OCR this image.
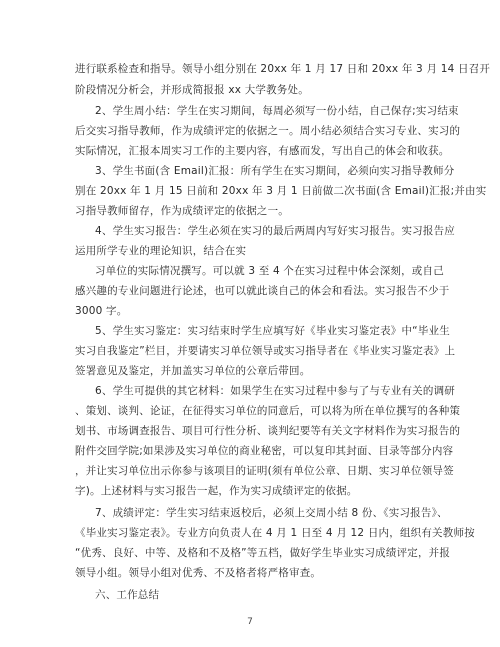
进行联系检查和指导。领导小组分别在 20xx 年 1 月 17 日和 20xx 年 3 月 14 日召开
阶段情况分析会，并形成简报报 xx 大学教务处。
2、学生周小结：学生在实习期间，每周必须写一份小结，自己保存;实习结束
后交实习指导教师，作为成绩评定的依据之一。周小结必须结合实习专业、实习的
实际情况，汇报本周实习工作的主要内容，有感而发，写出自己的体会和收获。
3、学生书面(含 Email)汇报：所有学生在实习期间，必须向实习指导教师分
别在 20xx 年 1 月 15 日前和 20xx 年 3 月 1 日前做二次书面(含 Email)汇报;并由实
习指导教师留存，作为成绩评定的依据之一。
4、学生实习报告：学生必须在实习的最后两周内写好实习报告。实习报告应
运用所学专业的理论知识，结合在实
习单位的实际情况撰写。可以就 3 至 4 个在实习过程中体会深刻，或自己
感兴趣的专业问题进行论述，也可以就此谈自己的体会和看法。实习报告不少于
3000 字。
5、学生实习鉴定：实习结束时学生应填写好《毕业实习鉴定表》中“毕业生
实习自我鉴定”栏目，并要请实习单位领导或实习指导者在《毕业实习鉴定表》上
签署意见及鉴定，并加盖实习单位的公章后带回。
6、学生可提供的其它材料：如果学生在实习过程中参与了与专业有关的调研
、策划、谈判、论证，在征得实习单位的同意后，可以将为所在单位撰写的各种策
划书、市场调查报告、项目可行性分析、谈判纪要等有关文字材料作为实习报告的
附件交回学院;如果涉及实习单位的商业秘密，可以复印其封面、目录等部分内容
，并让实习单位出示你参与该项目的证明(须有单位公章、日期、实习单位领导签
字)。上述材料与实习报告一起，作为实习成绩评定的依据。
7、成绩评定：学生实习结束返校后，必须上交周小结 8 份、《实习报告》、
《毕业实习鉴定表》。专业方向负责人在 4 月 1 日至 4 月 12 日内，组织有关教师按
“优秀、良好、中等、及格和不及格”等五档，做好学生毕业实习成绩评定，并报
领导小组。领导小组对优秀、不及格者将严格审查。
六、工作总结
7
